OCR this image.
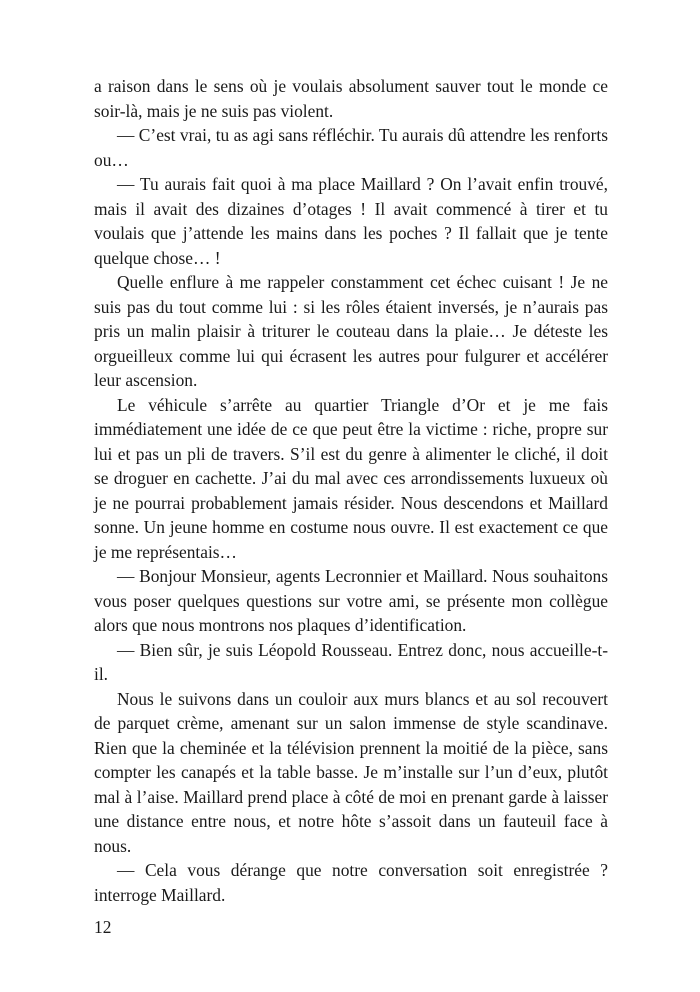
a raison dans le sens où je voulais absolument sauver tout le monde ce soir-là, mais je ne suis pas violent.

— C’est vrai, tu as agi sans réfléchir. Tu aurais dû attendre les renforts ou…

— Tu aurais fait quoi à ma place Maillard ? On l’avait enfin trouvé, mais il avait des dizaines d’otages ! Il avait commencé à tirer et tu voulais que j’attende les mains dans les poches ? Il fallait que je tente quelque chose… !

Quelle enflure à me rappeler constamment cet échec cuisant ! Je ne suis pas du tout comme lui : si les rôles étaient inversés, je n’aurais pas pris un malin plaisir à triturer le couteau dans la plaie… Je déteste les orgueilleux comme lui qui écrasent les autres pour fulgurer et accélérer leur ascension.

Le véhicule s’arrête au quartier Triangle d’Or et je me fais immédiatement une idée de ce que peut être la victime : riche, propre sur lui et pas un pli de travers. S’il est du genre à alimenter le cliché, il doit se droguer en cachette. J’ai du mal avec ces arrondissements luxueux où je ne pourrai probablement jamais résider. Nous descendons et Maillard sonne. Un jeune homme en costume nous ouvre. Il est exactement ce que je me représentais…

— Bonjour Monsieur, agents Lecronnier et Maillard. Nous souhaitons vous poser quelques questions sur votre ami, se présente mon collègue alors que nous montrons nos plaques d’identification.

— Bien sûr, je suis Léopold Rousseau. Entrez donc, nous accueille-t-il.

Nous le suivons dans un couloir aux murs blancs et au sol recouvert de parquet crème, amenant sur un salon immense de style scandinave. Rien que la cheminée et la télévision prennent la moitié de la pièce, sans compter les canapés et la table basse. Je m’installe sur l’un d’eux, plutôt mal à l’aise. Maillard prend place à côté de moi en prenant garde à laisser une distance entre nous, et notre hôte s’assoit dans un fauteuil face à nous.

— Cela vous dérange que notre conversation soit enregistrée ? interroge Maillard.

12
